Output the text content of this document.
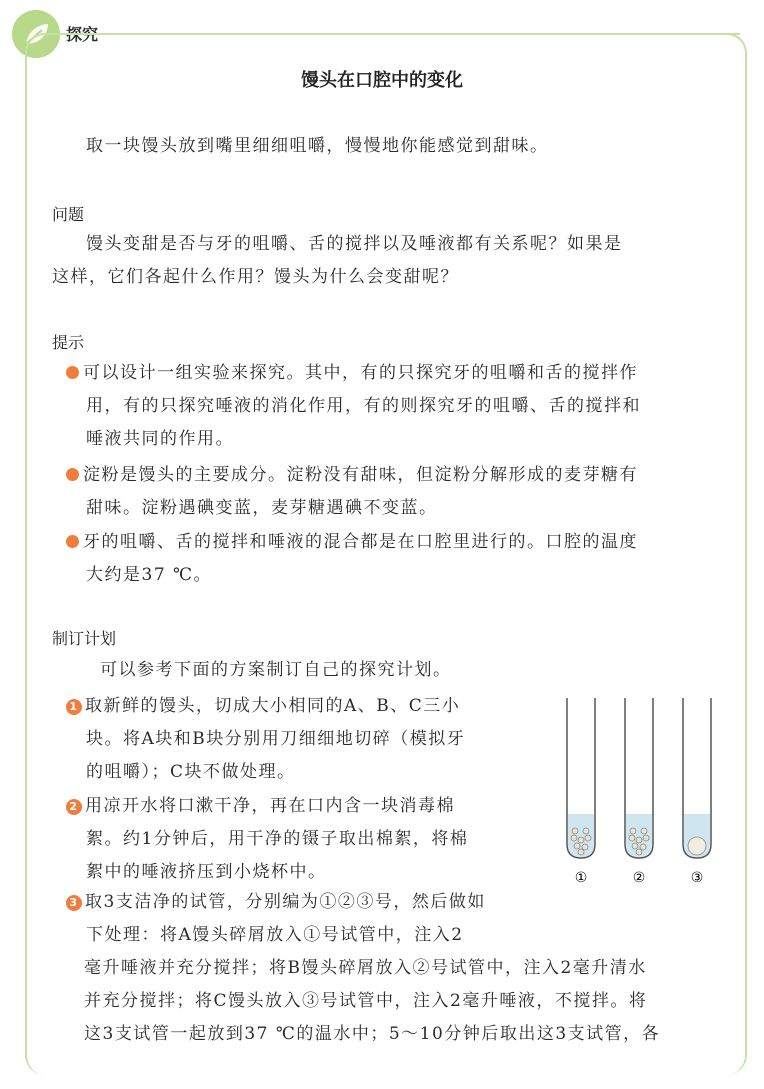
探究
馒头在口腔中的变化
取一块馒头放到嘴里细细咀嚼，慢慢地你能感觉到甜味。
问题
馒头变甜是否与牙的咀嚼、舌的搅拌以及唾液都有关系呢？如果是
这样，它们各起什么作用？馒头为什么会变甜呢？
提示
可以设计一组实验来探究。其中，有的只探究牙的咀嚼和舌的搅拌作
用，有的只探究唾液的消化作用，有的则探究牙的咀嚼、舌的搅拌和
唾液共同的作用。
淀粉是馒头的主要成分。淀粉没有甜味，但淀粉分解形成的麦芽糖有
甜味。淀粉遇碘变蓝，麦芽糖遇碘不变蓝。
牙的咀嚼、舌的搅拌和唾液的混合都是在口腔里进行的。口腔的温度
大约是37 ℃。
制订计划
可以参考下面的方案制订自己的探究计划。
1 取新鲜的馒头，切成大小相同的A、B、C三小
块。将A块和B块分别用刀细细地切碎（模拟牙
的咀嚼）；C块不做处理。
2 用凉开水将口漱干净，再在口内含一块消毒棉
絮。约1分钟后，用干净的镊子取出棉絮，将棉
絮中的唾液挤压到小烧杯中。
3 取3支洁净的试管，分别编为①②③号，然后做如
下处理：将A馒头碎屑放入①号试管中，注入2
毫升唾液并充分搅拌；将B馒头碎屑放入②号试管中，注入2毫升清水
并充分搅拌；将C馒头放入③号试管中，注入2毫升唾液，不搅拌。将
这3支试管一起放到37 ℃的温水中；5～10分钟后取出这3支试管，各
①	②	③
